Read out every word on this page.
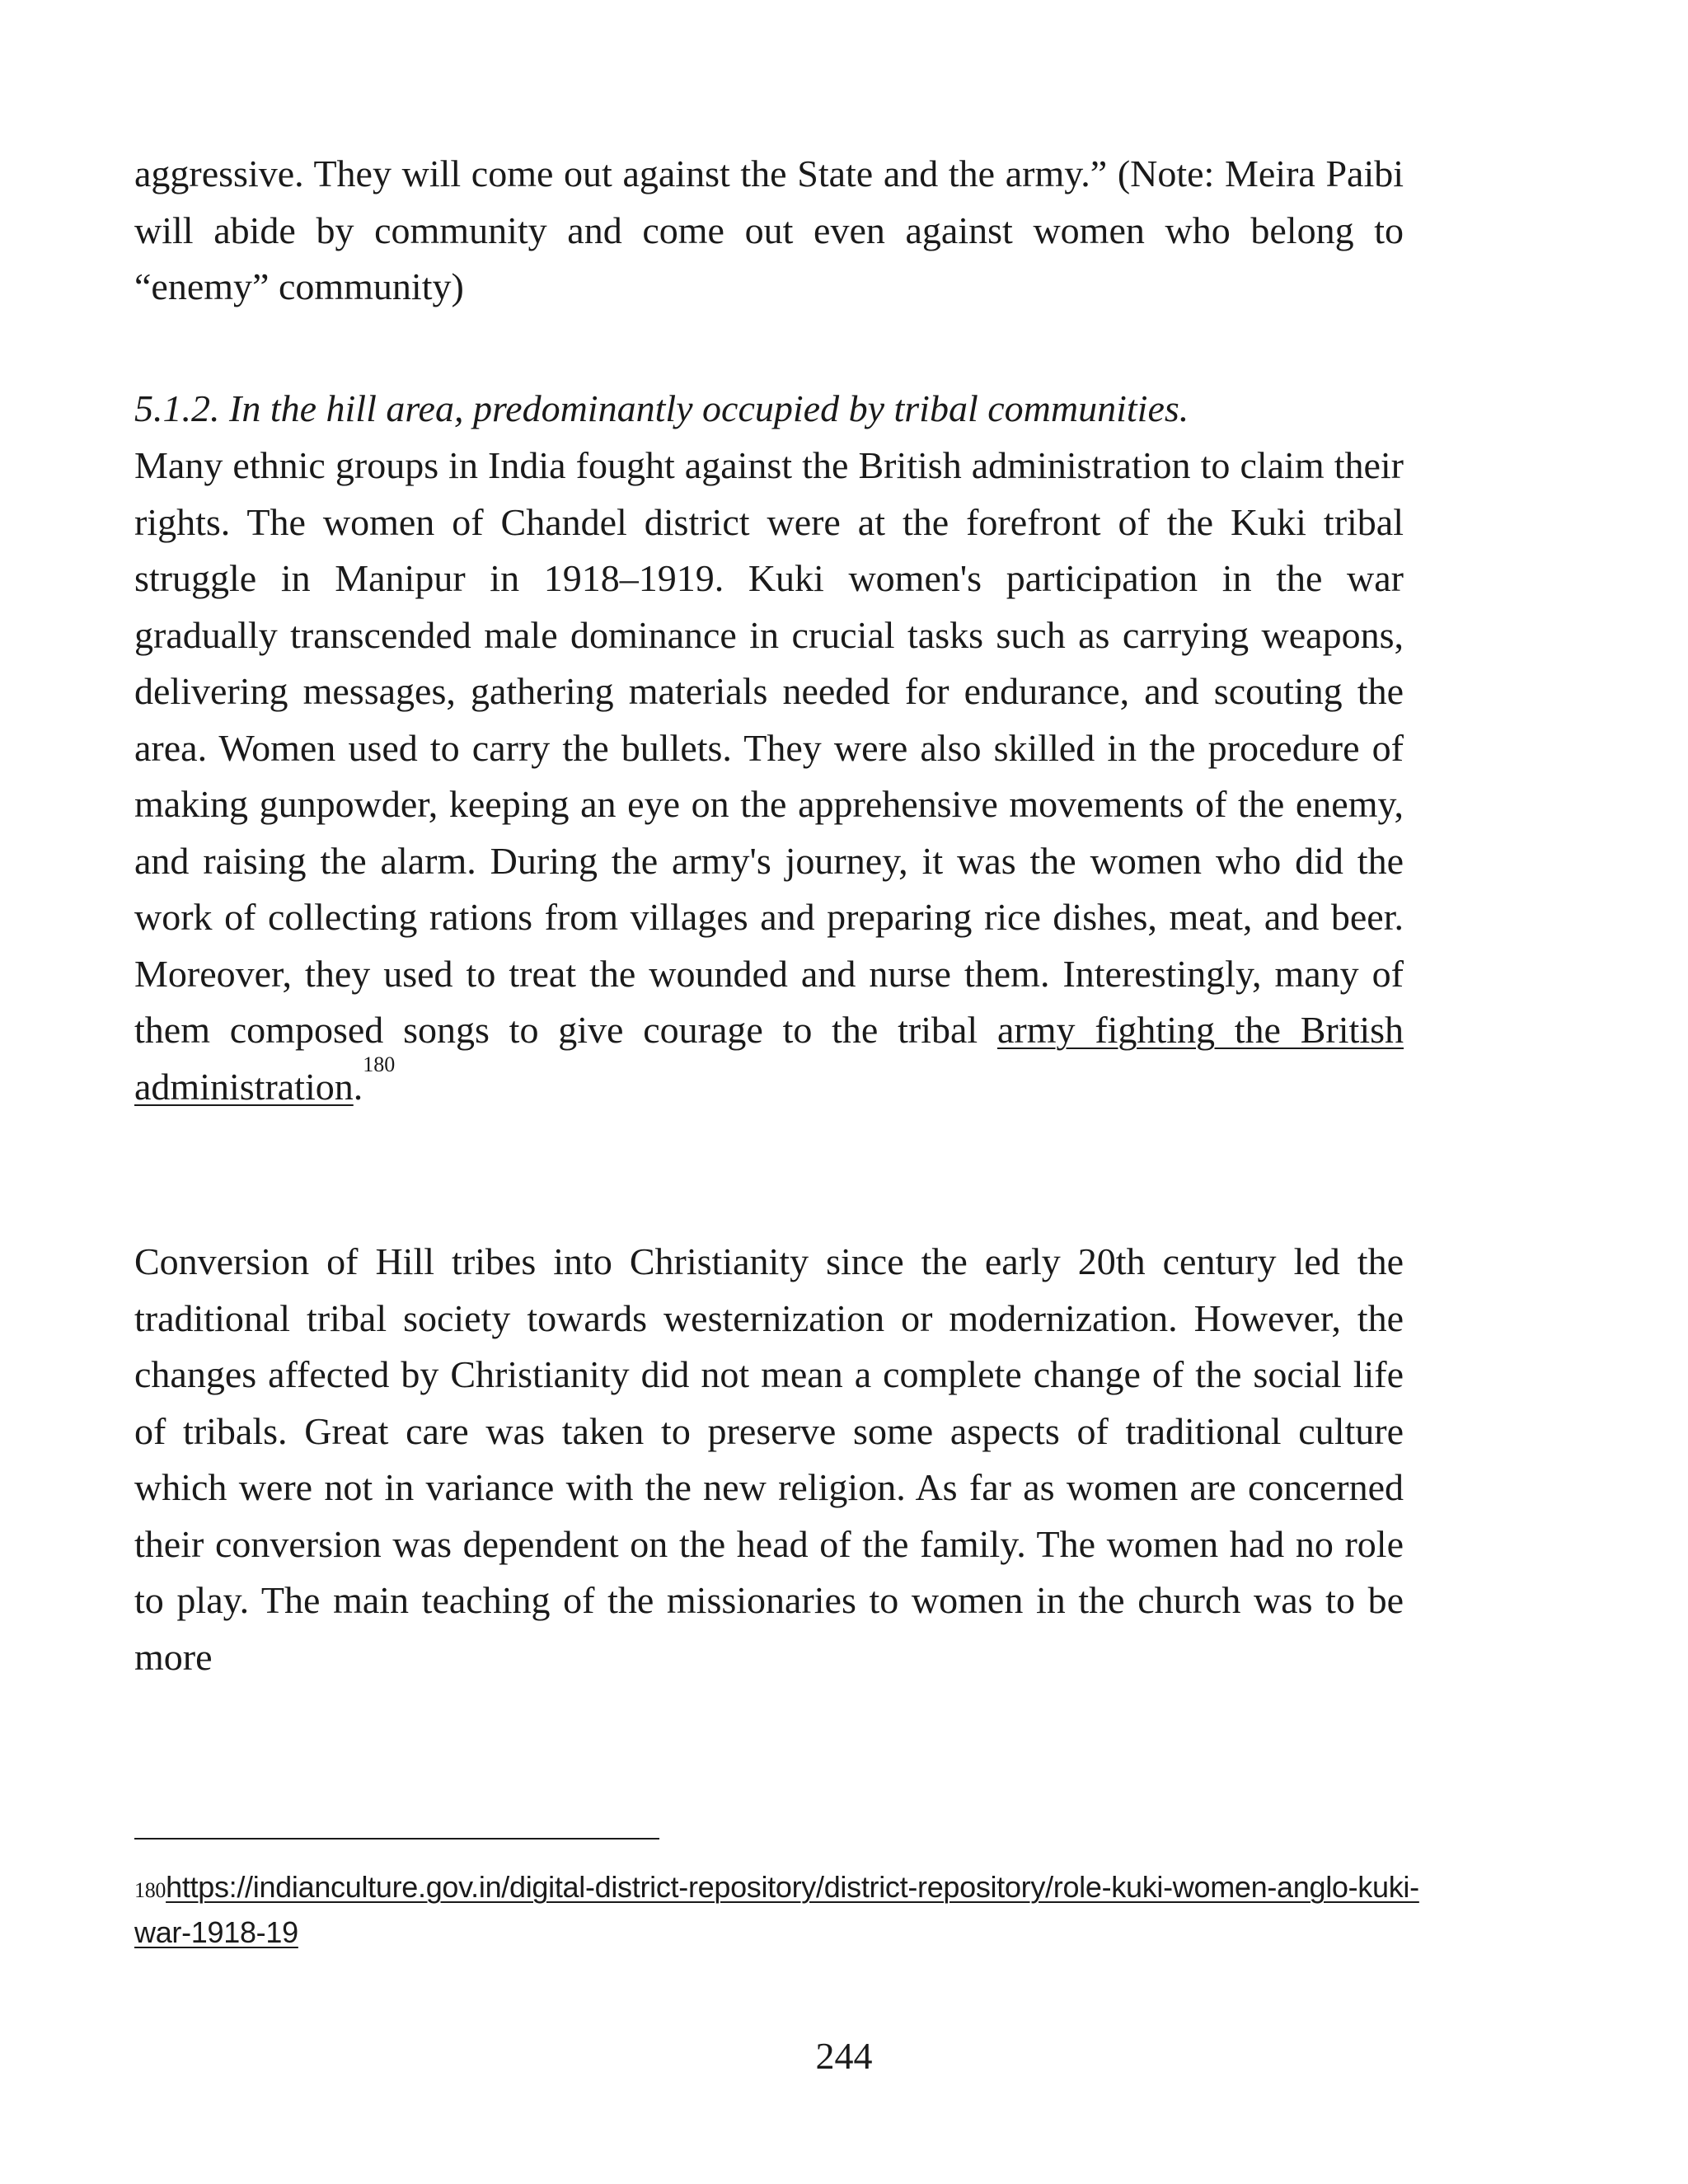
aggressive. They will come out against the State and the army.” (Note: Meira Paibi will abide by community and come out even against women who belong to “enemy” community)

5.1.2. In the hill area, predominantly occupied by tribal communities.

Many ethnic groups in India fought against the British administration to claim their rights. The women of Chandel district were at the forefront of the Kuki tribal struggle in Manipur in 1918–1919. Kuki women's participation in the war gradually transcended male dominance in crucial tasks such as carrying weapons, delivering messages, gathering materials needed for endurance, and scouting the area. Women used to carry the bullets. They were also skilled in the procedure of making gunpowder, keeping an eye on the apprehensive movements of the enemy, and raising the alarm. During the army's journey, it was the women who did the work of collecting rations from villages and preparing rice dishes, meat, and beer. Moreover, they used to treat the wounded and nurse them. Interestingly, many of them composed songs to give courage to the tribal army fighting the British administration.$^{180}$

Conversion of Hill tribes into Christianity since the early 20th century led the traditional tribal society towards westernization or modernization. However, the changes affected by Christianity did not mean a complete change of the social life of tribals. Great care was taken to preserve some aspects of traditional culture which were not in variance with the new religion. As far as women are concerned their conversion was dependent on the head of the family. The women had no role to play. The main teaching of the missionaries to women in the church was to be more

$^{180}$https://indianculture.gov.in/digital-district-repository/district-repository/role-kuki-women-anglo-kuki-war-1918-19

244
